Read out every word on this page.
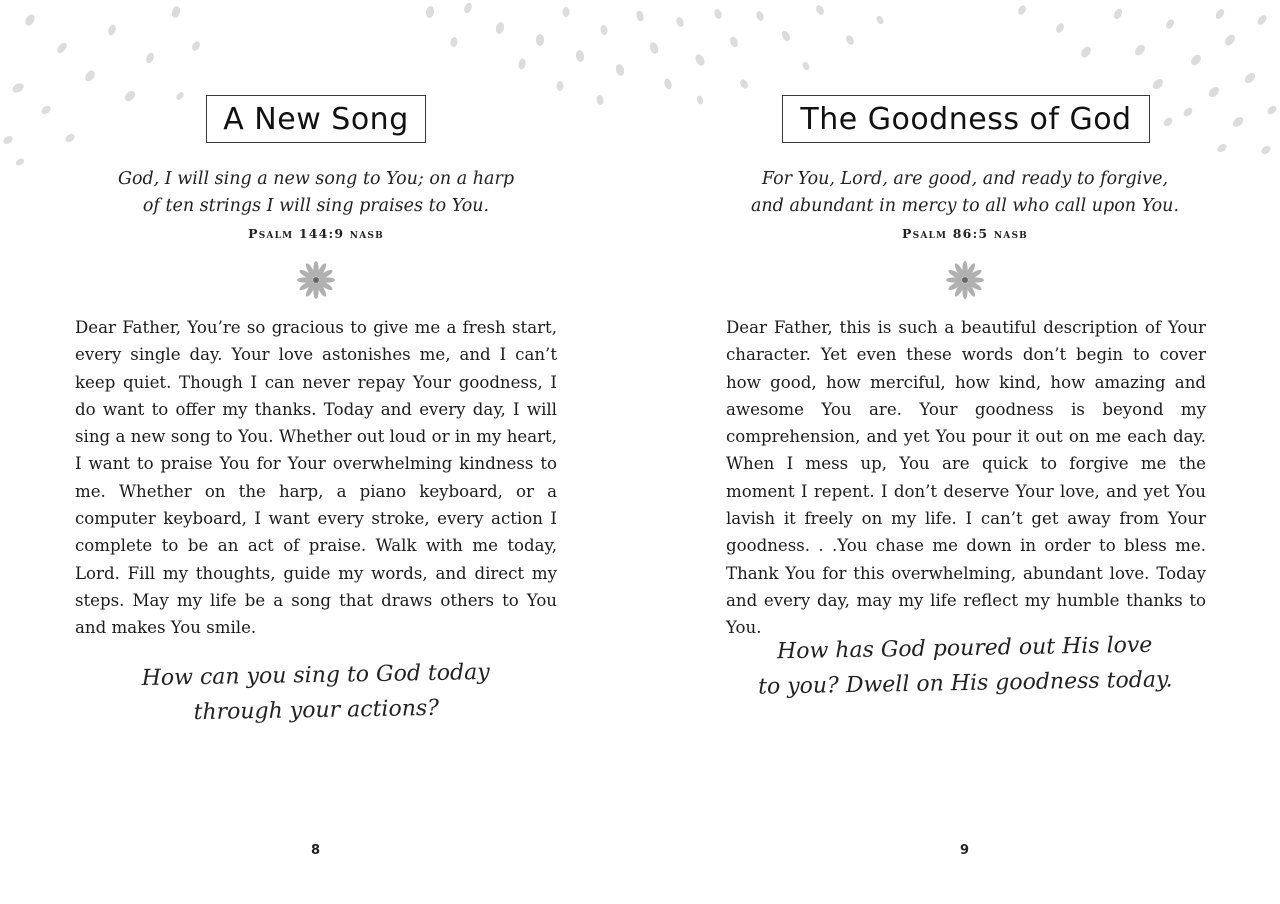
A New Song
God, I will sing a new song to You; on a harp
of ten strings I will sing praises to You.
Psalm 144:9 nasb
Dear Father, You’re so gracious to give me a fresh start, every single day. Your love astonishes me, and I can’t keep quiet. Though I can never repay Your goodness, I do want to offer my thanks. Today and every day, I will sing a new song to You. Whether out loud or in my heart, I want to praise You for Your overwhelming kindness to me. Whether on the harp, a piano keyboard, or a computer keyboard, I want every stroke, every action I complete to be an act of praise. Walk with me today, Lord. Fill my thoughts, guide my words, and direct my steps. May my life be a song that draws others to You and makes You smile.
How can you sing to God today
through your actions?
8
The Goodness of God
For You, Lord, are good, and ready to forgive,
and abundant in mercy to all who call upon You.
Psalm 86:5 nasb
Dear Father, this is such a beautiful description of Your character. Yet even these words don’t begin to cover how good, how merciful, how kind, how amazing and awesome You are. Your goodness is beyond my comprehension, and yet You pour it out on me each day. When I mess up, You are quick to forgive me the moment I repent. I don’t deserve Your love, and yet You lavish it freely on my life. I can’t get away from Your goodness. . .You chase me down in order to bless me. Thank You for this overwhelming, abundant love. Today and every day, may my life reflect my humble thanks to You.
How has God poured out His love
to you? Dwell on His goodness today.
9
